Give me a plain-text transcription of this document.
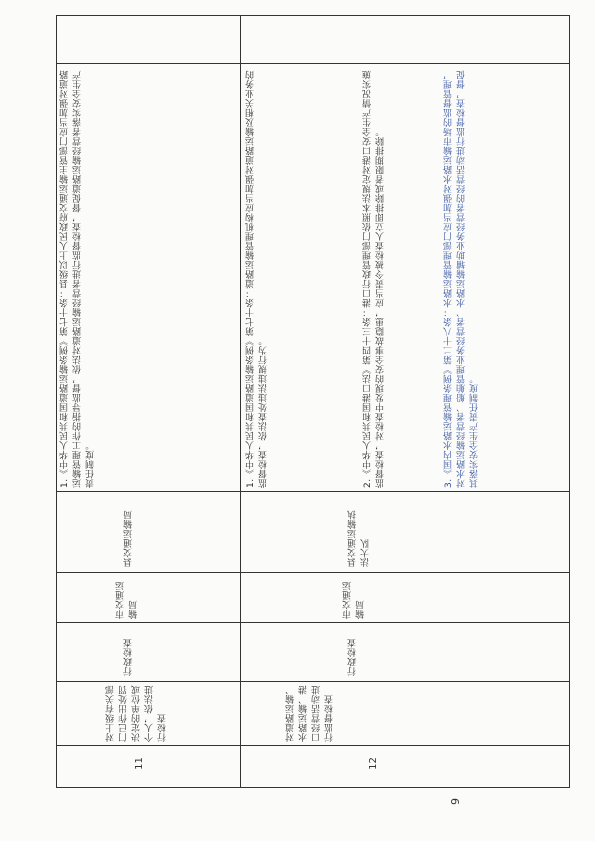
1.《中华人民共和国道路运输条例》第七十条：县级以上人民政府交通运输主管部门应当加强对道路运输管理工作的指导监督，依法对道路运输经营者进行监督检查，督促道路运输经营者落实安全生产责任制度。
县交通运输局
市交通运输局
行政检查
对上级有关部门已作出处罚决定的单位或个人，依法进行检查
11
1.《中华人民共和国道路运输条例》第七十条：道路运输管理机构应当加强对道路运输及相关业务的监督检查，依法查处违法违规行为。	2.《中华人民共和国港口法》第四十三条：港口行政管理部门依照本法规定对港口安全生产情况实施监督检查，对检查中发现的安全事故隐患，应当责令被检查人立即排除或者限期排除。	3.《国内水路运输管理条例》第二十八条：水路运输管理部门应当加强对水路运输市场的监督管理，对水路运输经营者、船舶管理业务经营者、水路运输辅助业务经营者的经营活动进行监督检查，督促其落实安全生产责任制度。
县交通运输执法大队
市交通运输局
行政检查
对道路运输、水路运输、港口经营活动进行监督检查
12
9
